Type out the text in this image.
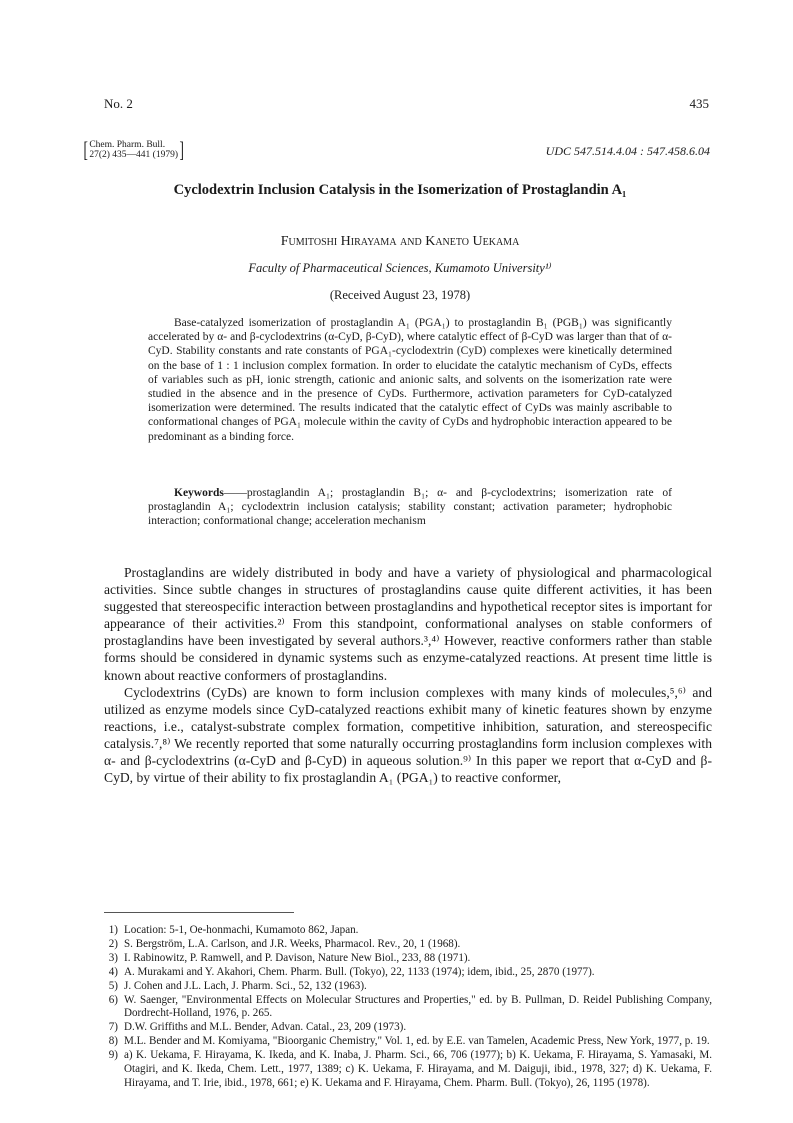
No. 2	435
[ Chem. Pharm. Bull.
27(2) 435—441 (1979) ]	UDC 547.514.4.04 : 547.458.6.04
Cyclodextrin Inclusion Catalysis in the Isomerization of Prostaglandin A₁

Fumitoshi Hirayama and Kaneto Uekama

Faculty of Pharmaceutical Sciences, Kumamoto University¹⁾

(Received August 23, 1978)

Base-catalyzed isomerization of prostaglandin A₁ (PGA₁) to prostaglandin B₁ (PGB₁) was significantly accelerated by α- and β-cyclodextrins (α-CyD, β-CyD), where catalytic effect of β-CyD was larger than that of α-CyD. Stability constants and rate constants of PGA₁-cyclodextrin (CyD) complexes were kinetically determined on the base of 1 : 1 inclusion complex formation. In order to elucidate the catalytic mechanism of CyDs, effects of variables such as pH, ionic strength, cationic and anionic salts, and solvents on the isomerization rate were studied in the absence and in the presence of CyDs. Furthermore, activation parameters for CyD-catalyzed isomerization were determined. The results indicated that the catalytic effect of CyDs was mainly ascribable to conformational changes of PGA₁ molecule within the cavity of CyDs and hydrophobic interaction appeared to be predominant as a binding force.

Keywords——prostaglandin A₁; prostaglandin B₁; α- and β-cyclodextrins; isomerization rate of prostaglandin A₁; cyclodextrin inclusion catalysis; stability constant; activation parameter; hydrophobic interaction; conformational change; acceleration mechanism

Prostaglandins are widely distributed in body and have a variety of physiological and pharmacological activities. Since subtle changes in structures of prostaglandins cause quite different activities, it has been suggested that stereospecific interaction between prostaglandins and hypothetical receptor sites is important for appearance of their activities.²⁾ From this standpoint, conformational analyses on stable conformers of prostaglandins have been investigated by several authors.³,⁴⁾ However, reactive conformers rather than stable forms should be considered in dynamic systems such as enzyme-catalyzed reactions. At present time little is known about reactive conformers of prostaglandins.

Cyclodextrins (CyDs) are known to form inclusion complexes with many kinds of molecules,⁵,⁶⁾ and utilized as enzyme models since CyD-catalyzed reactions exhibit many of kinetic features shown by enzyme reactions, i.e., catalyst-substrate complex formation, competitive inhibition, saturation, and stereospecific catalysis.⁷,⁸⁾ We recently reported that some naturally occurring prostaglandins form inclusion complexes with α- and β-cyclodextrins (α-CyD and β-CyD) in aqueous solution.⁹⁾ In this paper we report that α-CyD and β-CyD, by virtue of their ability to fix prostaglandin A₁ (PGA₁) to reactive conformer,

1) Location: 5-1, Oe-honmachi, Kumamoto 862, Japan.
2) S. Bergström, L.A. Carlson, and J.R. Weeks, Pharmacol. Rev., 20, 1 (1968).
3) I. Rabinowitz, P. Ramwell, and P. Davison, Nature New Biol., 233, 88 (1971).
4) A. Murakami and Y. Akahori, Chem. Pharm. Bull. (Tokyo), 22, 1133 (1974); idem, ibid., 25, 2870 (1977).
5) J. Cohen and J.L. Lach, J. Pharm. Sci., 52, 132 (1963).
6) W. Saenger, "Environmental Effects on Molecular Structures and Properties," ed. by B. Pullman, D. Reidel Publishing Company, Dordrecht-Holland, 1976, p. 265.
7) D.W. Griffiths and M.L. Bender, Advan. Catal., 23, 209 (1973).
8) M.L. Bender and M. Komiyama, "Bioorganic Chemistry," Vol. 1, ed. by E.E. van Tamelen, Academic Press, New York, 1977, p. 19.
9) a) K. Uekama, F. Hirayama, K. Ikeda, and K. Inaba, J. Pharm. Sci., 66, 706 (1977); b) K. Uekama, F. Hirayama, S. Yamasaki, M. Otagiri, and K. Ikeda, Chem. Lett., 1977, 1389; c) K. Uekama, F. Hirayama, and M. Daiguji, ibid., 1978, 327; d) K. Uekama, F. Hirayama, and T. Irie, ibid., 1978, 661; e) K. Uekama and F. Hirayama, Chem. Pharm. Bull. (Tokyo), 26, 1195 (1978).
